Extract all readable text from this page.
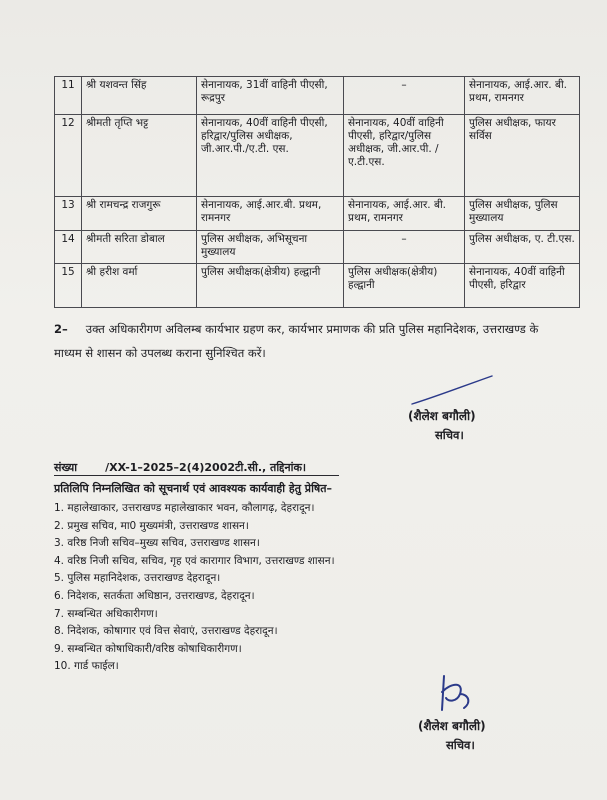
11	श्री यशवन्त सिंह	सेनानायक, 31वीं वाहिनी पीएसी, रूद्रपुर	–	सेनानायक, आई.आर. बी. प्रथम, रामनगर
12	श्रीमती तृप्ति भट्ट	सेनानायक, 40वीं वाहिनी पीएसी, हरिद्वार/पुलिस अधीक्षक, जी.आर.पी./ए.टी. एस.	सेनानायक, 40वीं वाहिनी पीएसी, हरिद्वार/पुलिस अधीक्षक, जी.आर.पी. /ए.टी.एस.	पुलिस अधीक्षक, फायर सर्विस
13	श्री रामचन्द्र राजगुरू	सेनानायक, आई.आर.बी. प्रथम, रामनगर	सेनानायक, आई.आर. बी. प्रथम, रामनगर	पुलिस अधीक्षक, पुलिस मुख्यालय
14	श्रीमती सरिता डोबाल	पुलिस अधीक्षक, अभिसूचना मुख्यालय	–	पुलिस अधीक्षक, ए. टी.एस.
15	श्री हरीश वर्मा	पुलिस अधीक्षक(क्षेत्रीय) हल्द्वानी	पुलिस अधीक्षक(क्षेत्रीय) हल्द्वानी	सेनानायक, 40वीं वाहिनी पीएसी, हरिद्वार
2– उक्त अधिकारीगण अविलम्ब कार्यभार ग्रहण कर, कार्यभार प्रमाणक की प्रति पुलिस महानिदेशक, उत्तराखण्ड के माध्यम से शासन को उपलब्ध कराना सुनिश्चित करें।
(शैलेश बगौली)
सचिव।
संख्या	/XX-1–2025–2(4)2002टी.सी., तद्दिनांक।
प्रतिलिपि निम्नलिखित को सूचनार्थ एवं आवश्यक कार्यवाही हेतु प्रेषित–
1. महालेखाकार, उत्तराखण्ड महालेखाकार भवन, कौलागढ़, देहरादून।
2. प्रमुख सचिव, मा0 मुख्यमंत्री, उत्तराखण्ड शासन।
3. वरिष्ठ निजी सचिव–मुख्य सचिव, उत्तराखण्ड शासन।
4. वरिष्ठ निजी सचिव, सचिव, गृह एवं कारागार विभाग, उत्तराखण्ड शासन।
5. पुलिस महानिदेशक, उत्तराखण्ड देहरादून।
6. निदेशक, सतर्कता अधिष्ठान, उत्तराखण्ड, देहरादून।
7. सम्बन्धित अधिकारीगण।
8. निदेशक, कोषागार एवं वित्त सेवाएं, उत्तराखण्ड देहरादून।
9. सम्बन्धित कोषाधिकारी/वरिष्ठ कोषाधिकारीगण।
10. गार्ड फाईल।
(शैलेश बगौली)
सचिव।
